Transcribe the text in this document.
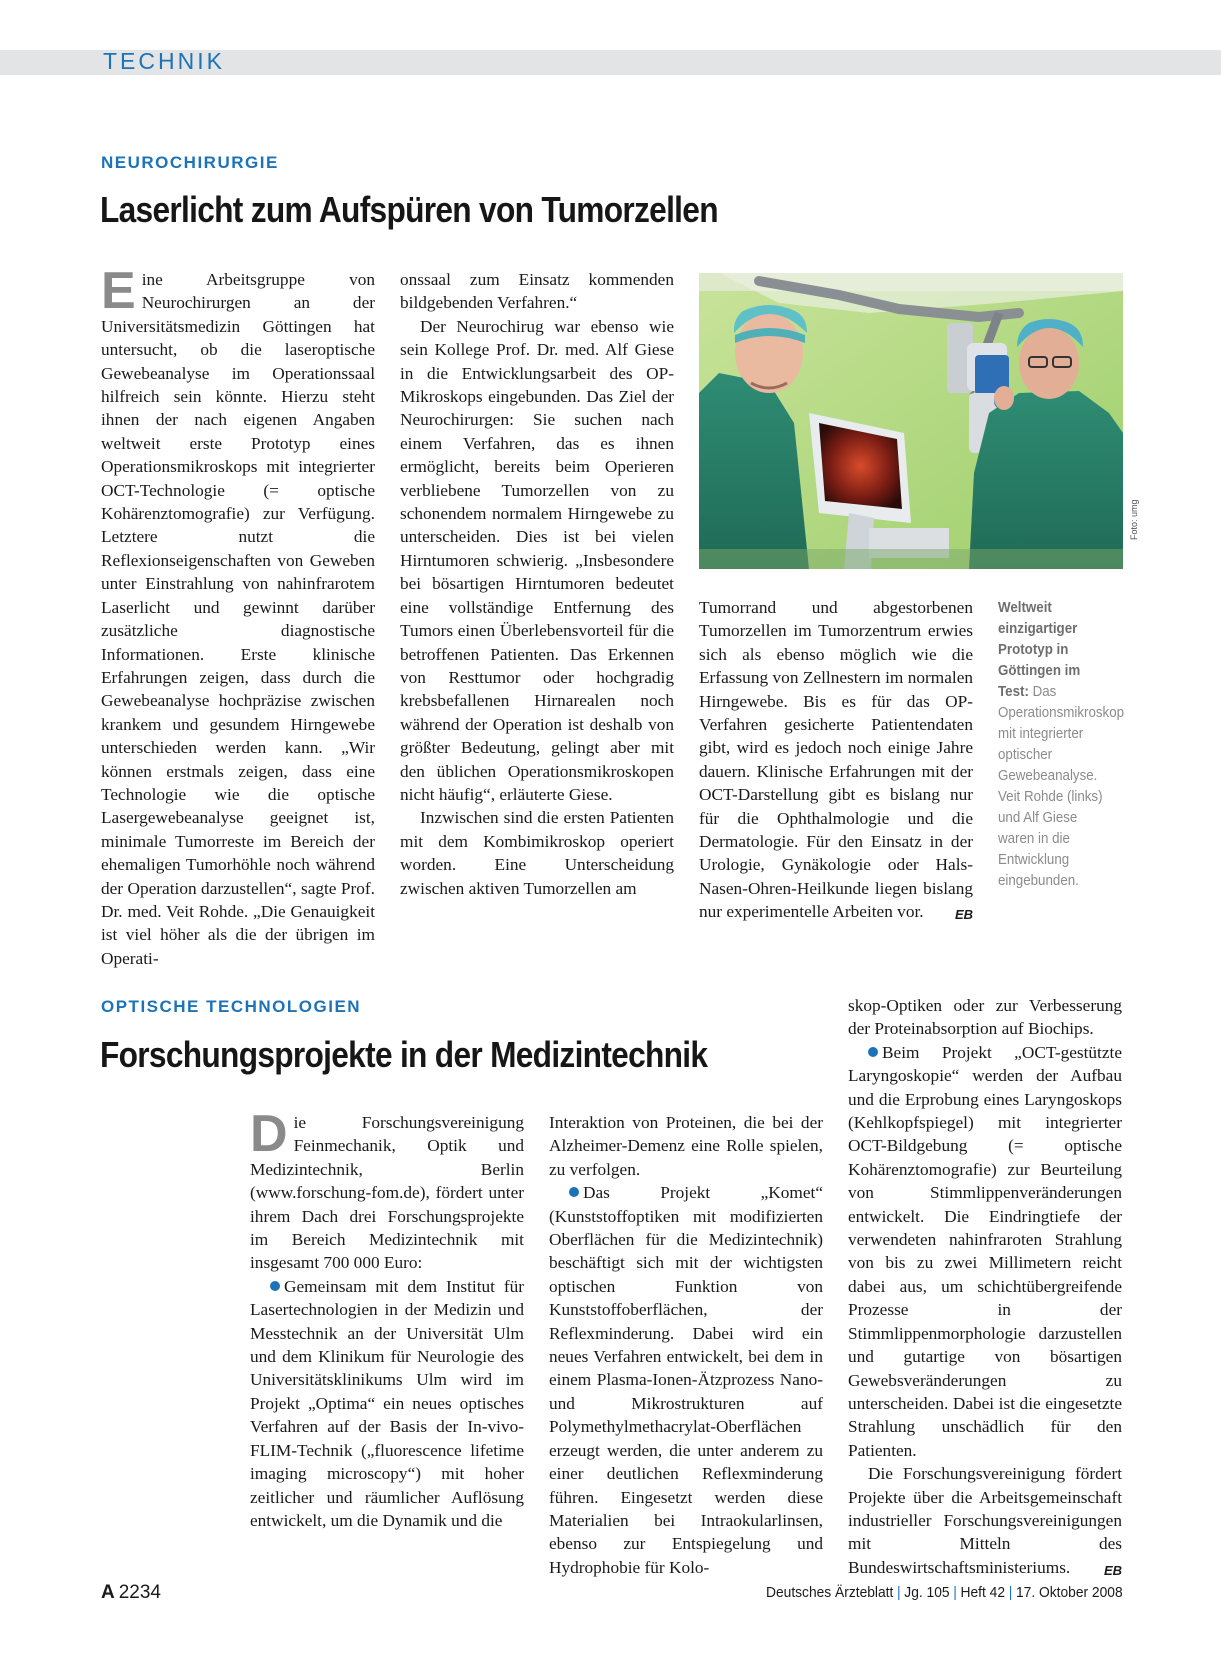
TECHNIK
NEUROCHIRURGIE
Laserlicht zum Aufspüren von Tumorzellen

Eine Arbeitsgruppe von Neurochirurgen an der Universitätsmedizin Göttingen hat untersucht, ob die laseroptische Gewebeanalyse im Operationssaal hilfreich sein könnte. Hierzu steht ihnen der nach eigenen Angaben weltweit erste Prototyp eines Operationsmikroskops mit integrierter OCT-Technologie (= optische Kohärenztomografie) zur Verfügung. Letztere nutzt die Reflexionseigenschaften von Geweben unter Einstrahlung von nahinfrarotem Laserlicht und gewinnt darüber zusätzliche diagnostische Informationen. Erste klinische Erfahrungen zeigen, dass durch die Gewebeanalyse hochpräzise zwischen krankem und gesundem Hirngewebe unterschieden werden kann. „Wir können erstmals zeigen, dass eine Technologie wie die optische Lasergewebeanalyse geeignet ist, minimale Tumorreste im Bereich der ehemaligen Tumorhöhle noch während der Operation darzustellen“, sagte Prof. Dr. med. Veit Rohde. „Die Genauigkeit ist viel höher als die der übrigen im Operati-

onssaal zum Einsatz kommenden bildgebenden Verfahren.“

Der Neurochirug war ebenso wie sein Kollege Prof. Dr. med. Alf Giese in die Entwicklungsarbeit des OP-Mikroskops eingebunden. Das Ziel der Neurochirurgen: Sie suchen nach einem Verfahren, das es ihnen ermöglicht, bereits beim Operieren verbliebene Tumorzellen von zu schonendem normalem Hirngewebe zu unterscheiden. Dies ist bei vielen Hirntumoren schwierig. „Insbesondere bei bösartigen Hirntumoren bedeutet eine vollständige Entfernung des Tumors einen Überlebensvorteil für die betroffenen Patienten. Das Erkennen von Resttumor oder hochgradig krebsbefallenen Hirnarealen noch während der Operation ist deshalb von größter Bedeutung, gelingt aber mit den üblichen Operationsmikroskopen nicht häufig“, erläuterte Giese.

Inzwischen sind die ersten Patienten mit dem Kombimikroskop operiert worden. Eine Unterscheidung zwischen aktiven Tumorzellen am

Foto: umg

Tumorrand und abgestorbenen Tumorzellen im Tumorzentrum erwies sich als ebenso möglich wie die Erfassung von Zellnestern im normalen Hirngewebe. Bis es für das OP-Verfahren gesicherte Patientendaten gibt, wird es jedoch noch einige Jahre dauern. Klinische Erfahrungen mit der OCT-Darstellung gibt es bislang nur für die Ophthalmologie und die Dermatologie. Für den Einsatz in der Urologie, Gynäkologie oder Hals-Nasen-Ohren-Heilkunde liegen bislang nur experimentelle Arbeiten vor. EB

Weltweit einzigartiger Prototyp in Göttingen im Test: Das Operationsmikroskop mit integrierter optischer Gewebeanalyse. Veit Rohde (links) und Alf Giese waren in die Entwicklung eingebunden.
OPTISCHE TECHNOLOGIEN
Forschungsprojekte in der Medizintechnik

Die Forschungsvereinigung Feinmechanik, Optik und Medizintechnik, Berlin (www.forschung-fom.de), fördert unter ihrem Dach drei Forschungsprojekte im Bereich Medizintechnik mit insgesamt 700 000 Euro:

Gemeinsam mit dem Institut für Lasertechnologien in der Medizin und Messtechnik an der Universität Ulm und dem Klinikum für Neurologie des Universitätsklinikums Ulm wird im Projekt „Optima“ ein neues optisches Verfahren auf der Basis der In-vivo-FLIM-Technik („fluorescence lifetime imaging microscopy“) mit hoher zeitlicher und räumlicher Auflösung entwickelt, um die Dynamik und die

Interaktion von Proteinen, die bei der Alzheimer-Demenz eine Rolle spielen, zu verfolgen.

Das Projekt „Komet“ (Kunststoffoptiken mit modifizierten Oberflächen für die Medizintechnik) beschäftigt sich mit der wichtigsten optischen Funktion von Kunststoffoberflächen, der Reflexminderung. Dabei wird ein neues Verfahren entwickelt, bei dem in einem Plasma-Ionen-Ätzprozess Nano- und Mikrostrukturen auf Polymethylmethacrylat-Oberflächen erzeugt werden, die unter anderem zu einer deutlichen Reflexminderung führen. Eingesetzt werden diese Materialien bei Intraokularlinsen, ebenso zur Entspiegelung und Hydrophobie für Kolo-

skop-Optiken oder zur Verbesserung der Proteinabsorption auf Biochips.

Beim Projekt „OCT-gestützte Laryngoskopie“ werden der Aufbau und die Erprobung eines Laryngoskops (Kehlkopfspiegel) mit integrierter OCT-Bildgebung (= optische Kohärenztomografie) zur Beurteilung von Stimmlippenveränderungen entwickelt. Die Eindringtiefe der verwendeten nahinfraroten Strahlung von bis zu zwei Millimetern reicht dabei aus, um schichtübergreifende Prozesse in der Stimmlippenmorphologie darzustellen und gutartige von bösartigen Gewebsveränderungen zu unterscheiden. Dabei ist die eingesetzte Strahlung unschädlich für den Patienten.

Die Forschungsvereinigung fördert Projekte über die Arbeitsgemeinschaft industrieller Forschungsvereinigungen mit Mitteln des Bundeswirtschaftsministeriums.	EB

A 2234	Deutsches Ärzteblatt | Jg. 105 | Heft 42 | 17. Oktober 2008
